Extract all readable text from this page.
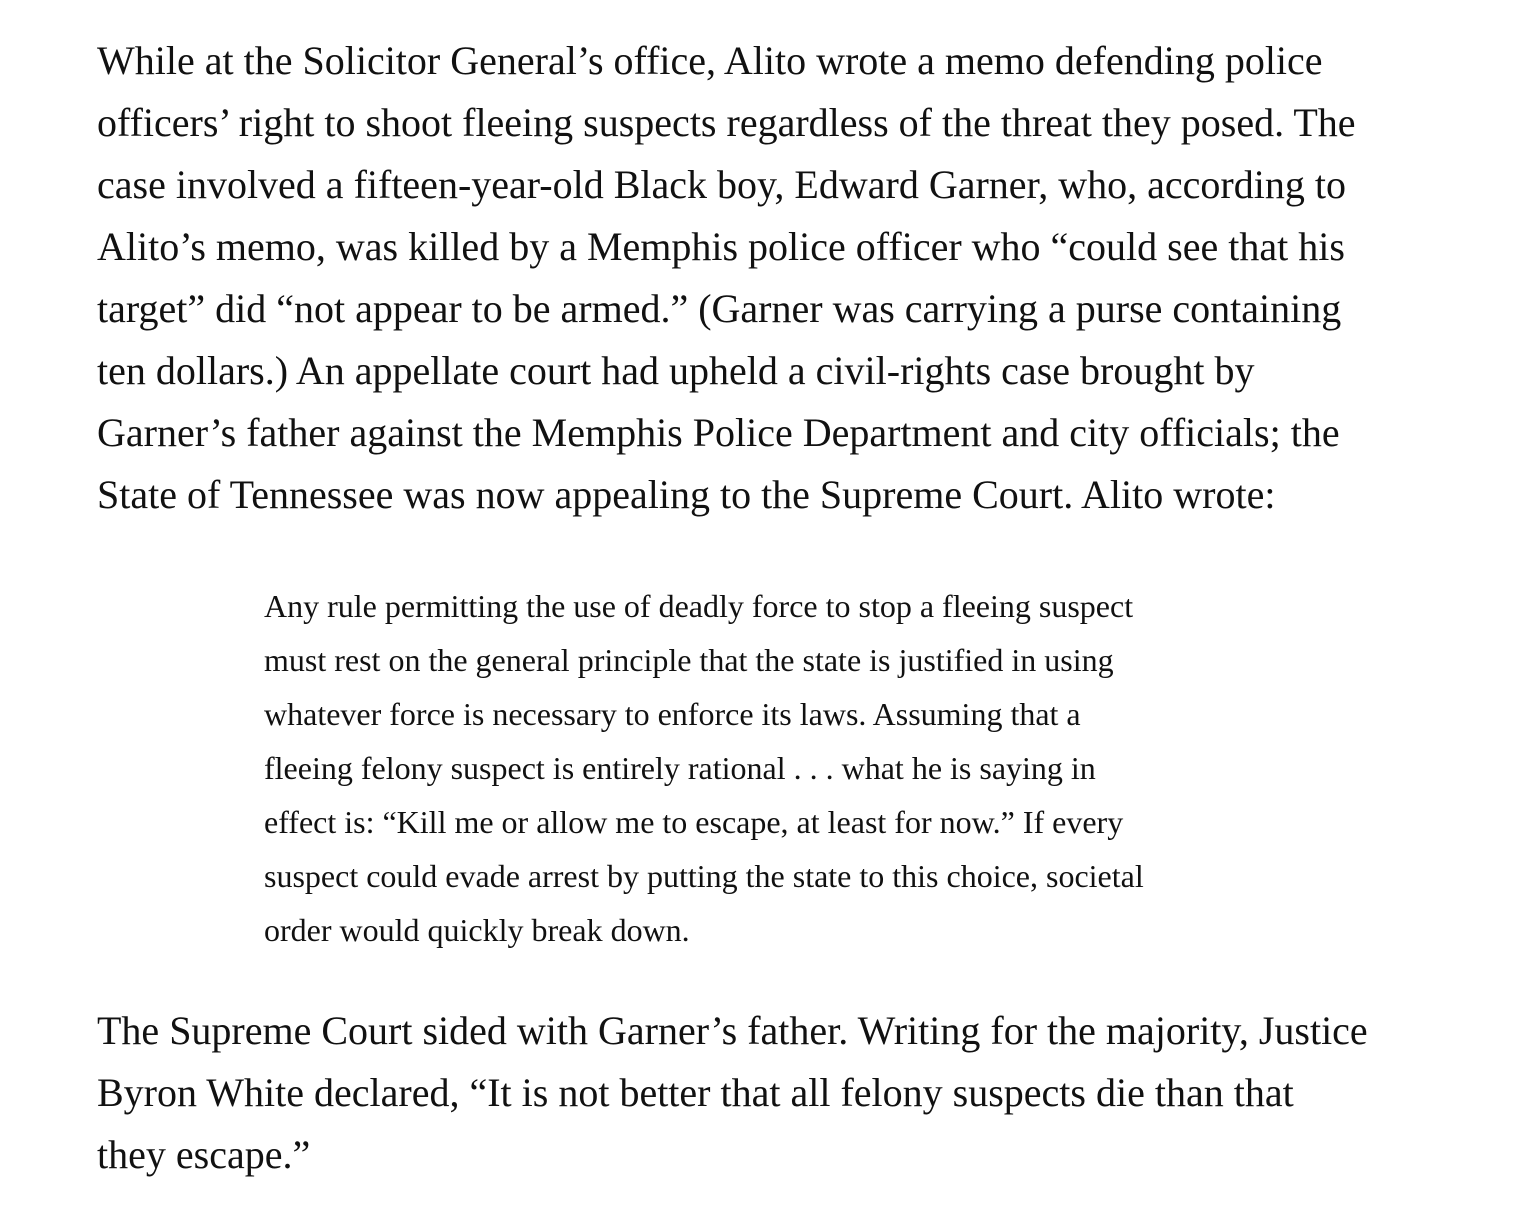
While at the Solicitor General’s office, Alito wrote a memo defending police
officers’ right to shoot fleeing suspects regardless of the threat they posed. The
case involved a fifteen-year-old Black boy, Edward Garner, who, according to
Alito’s memo, was killed by a Memphis police officer who “could see that his
target” did “not appear to be armed.” (Garner was carrying a purse containing
ten dollars.) An appellate court had upheld a civil-rights case brought by
Garner’s father against the Memphis Police Department and city officials; the
State of Tennessee was now appealing to the Supreme Court. Alito wrote:

Any rule permitting the use of deadly force to stop a fleeing suspect
must rest on the general principle that the state is justified in using
whatever force is necessary to enforce its laws. Assuming that a
fleeing felony suspect is entirely rational . . . what he is saying in
effect is: “Kill me or allow me to escape, at least for now.” If every
suspect could evade arrest by putting the state to this choice, societal
order would quickly break down.

The Supreme Court sided with Garner’s father. Writing for the majority, Justice
Byron White declared, “It is not better that all felony suspects die than that
they escape.”
